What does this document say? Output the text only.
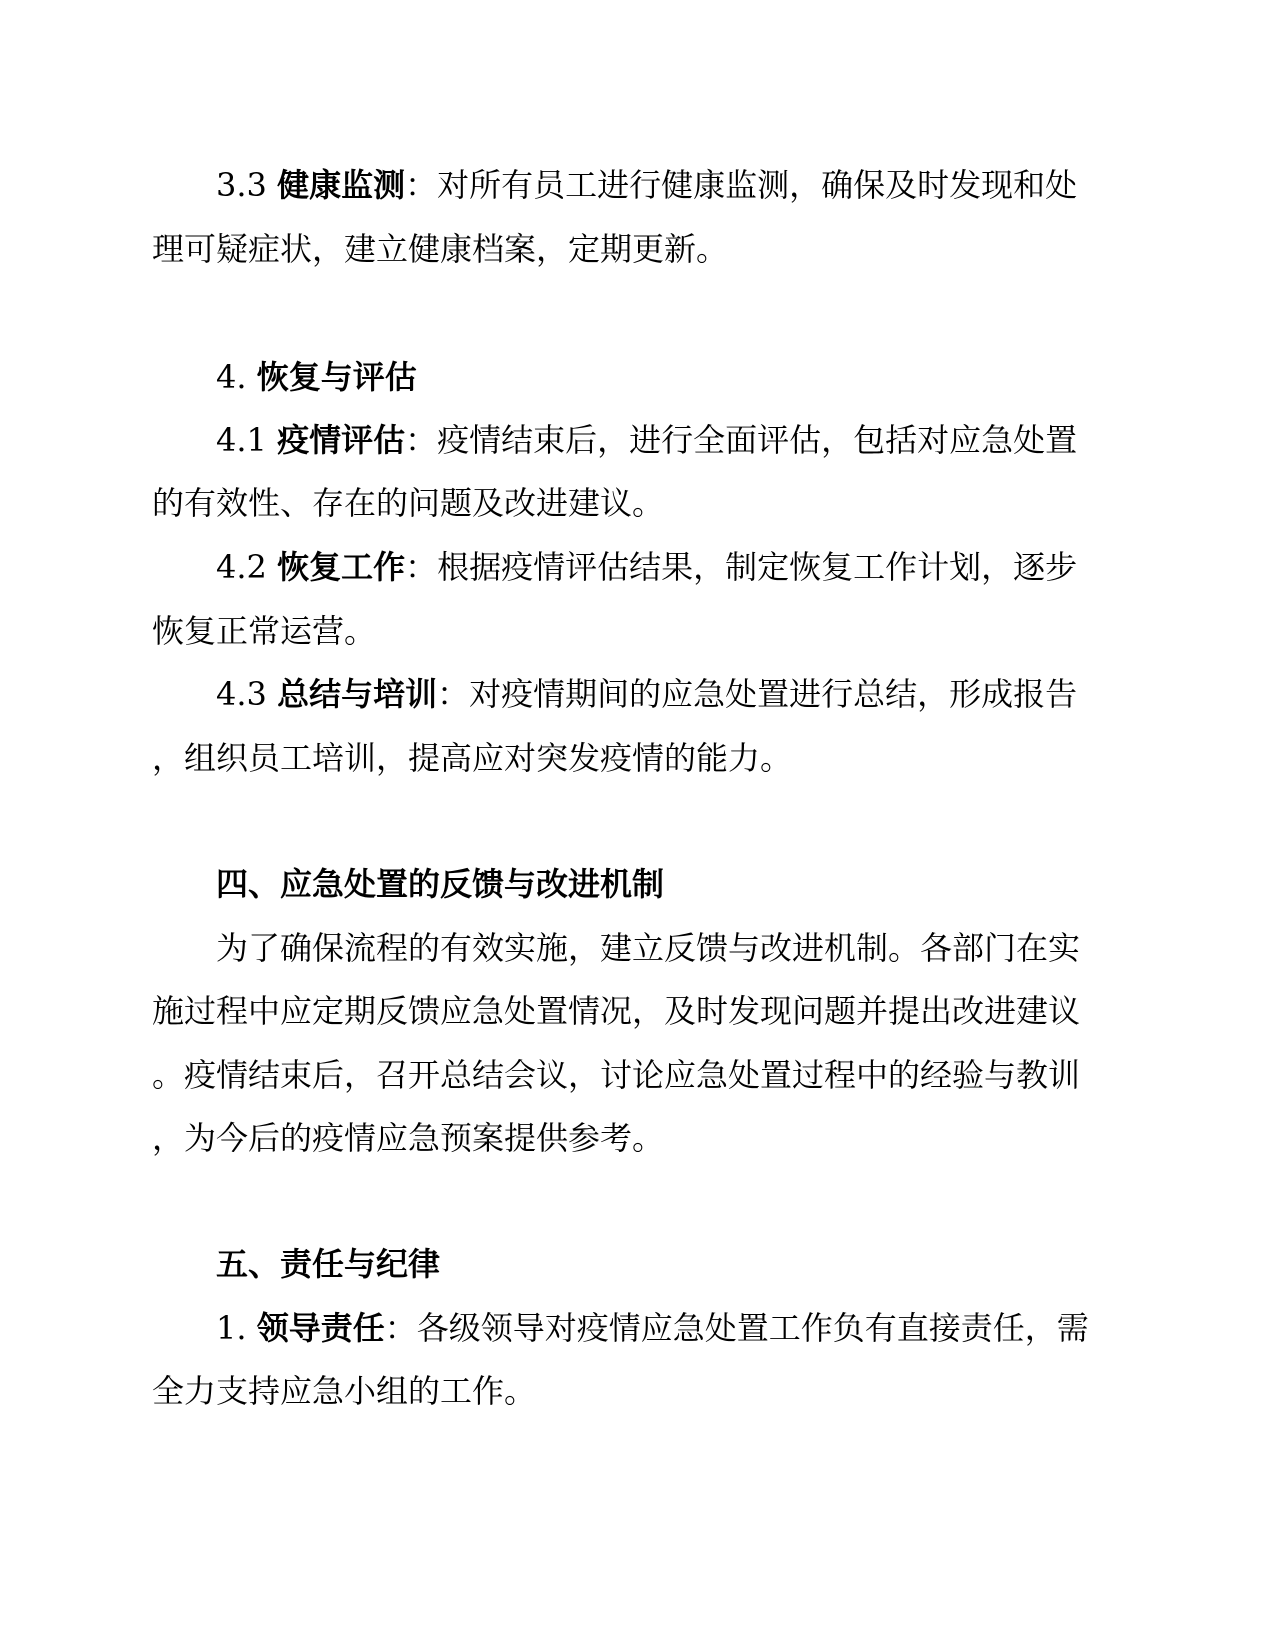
3.3 健康监测：对所有员工进行健康监测，确保及时发现和处
理可疑症状，建立健康档案，定期更新。
4. 恢复与评估
4.1 疫情评估：疫情结束后，进行全面评估，包括对应急处置
的有效性、存在的问题及改进建议。
4.2 恢复工作：根据疫情评估结果，制定恢复工作计划，逐步
恢复正常运营。
4.3 总结与培训：对疫情期间的应急处置进行总结，形成报告
，组织员工培训，提高应对突发疫情的能力。
四、应急处置的反馈与改进机制
为了确保流程的有效实施，建立反馈与改进机制。各部门在实
施过程中应定期反馈应急处置情况，及时发现问题并提出改进建议
。疫情结束后，召开总结会议，讨论应急处置过程中的经验与教训
，为今后的疫情应急预案提供参考。
五、责任与纪律
1. 领导责任：各级领导对疫情应急处置工作负有直接责任，需
全力支持应急小组的工作。
